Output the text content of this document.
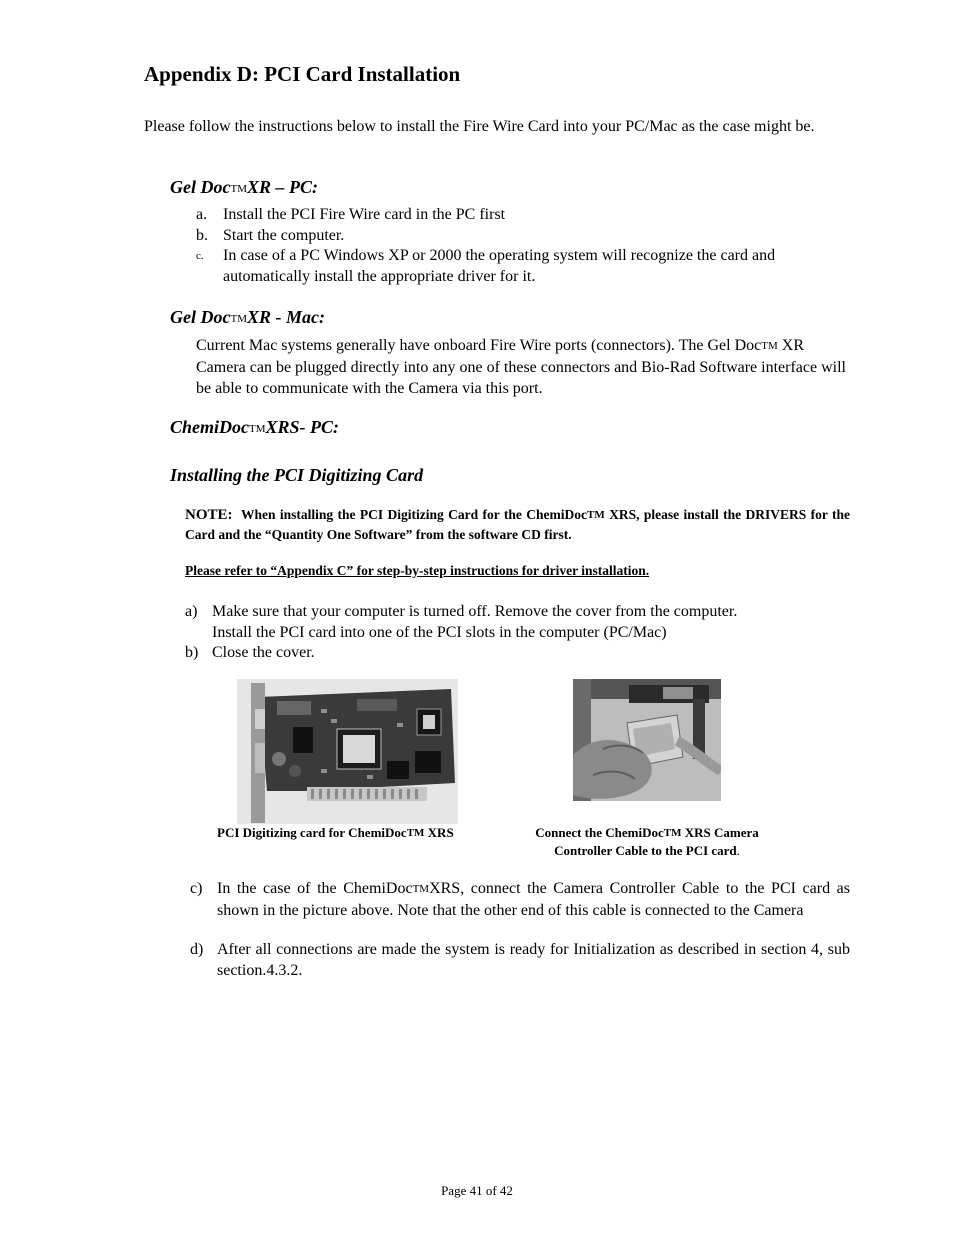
Appendix D: PCI Card Installation
Please follow the instructions below to install the Fire Wire Card into your PC/Mac as the case might be.
Gel DocTMXR – PC:
a. Install the PCI Fire Wire card in the PC first
b. Start the computer.
c. In case of a PC Windows XP or 2000 the operating system will recognize the card and automatically install the appropriate driver for it.
Gel DocTMXR - Mac:
Current Mac systems generally have onboard Fire Wire ports (connectors). The Gel DocTM XR Camera can be plugged directly into any one of these connectors and Bio-Rad Software interface will be able to communicate with the Camera via this port.
ChemiDocTMXRS- PC:
Installing the PCI Digitizing Card
NOTE: When installing the PCI Digitizing Card for the ChemiDocTM XRS, please install the DRIVERS for the Card and the “Quantity One Software” from the software CD first.
Please refer to “Appendix C” for step-by-step instructions for driver installation.
a) Make sure that your computer is turned off. Remove the cover from the computer.
Install the PCI card into one of the PCI slots in the computer (PC/Mac)
b) Close the cover.
PCI Digitizing card for ChemiDocTM XRS	Connect the ChemiDocTM XRS Camera
Controller Cable to the PCI card.
c) In the case of the ChemiDocTMXRS, connect the Camera Controller Cable to the PCI card as shown in the picture above. Note that the other end of this cable is connected to the Camera
d) After all connections are made the system is ready for Initialization as described in section 4, sub section.4.3.2.
Page 41 of 42
